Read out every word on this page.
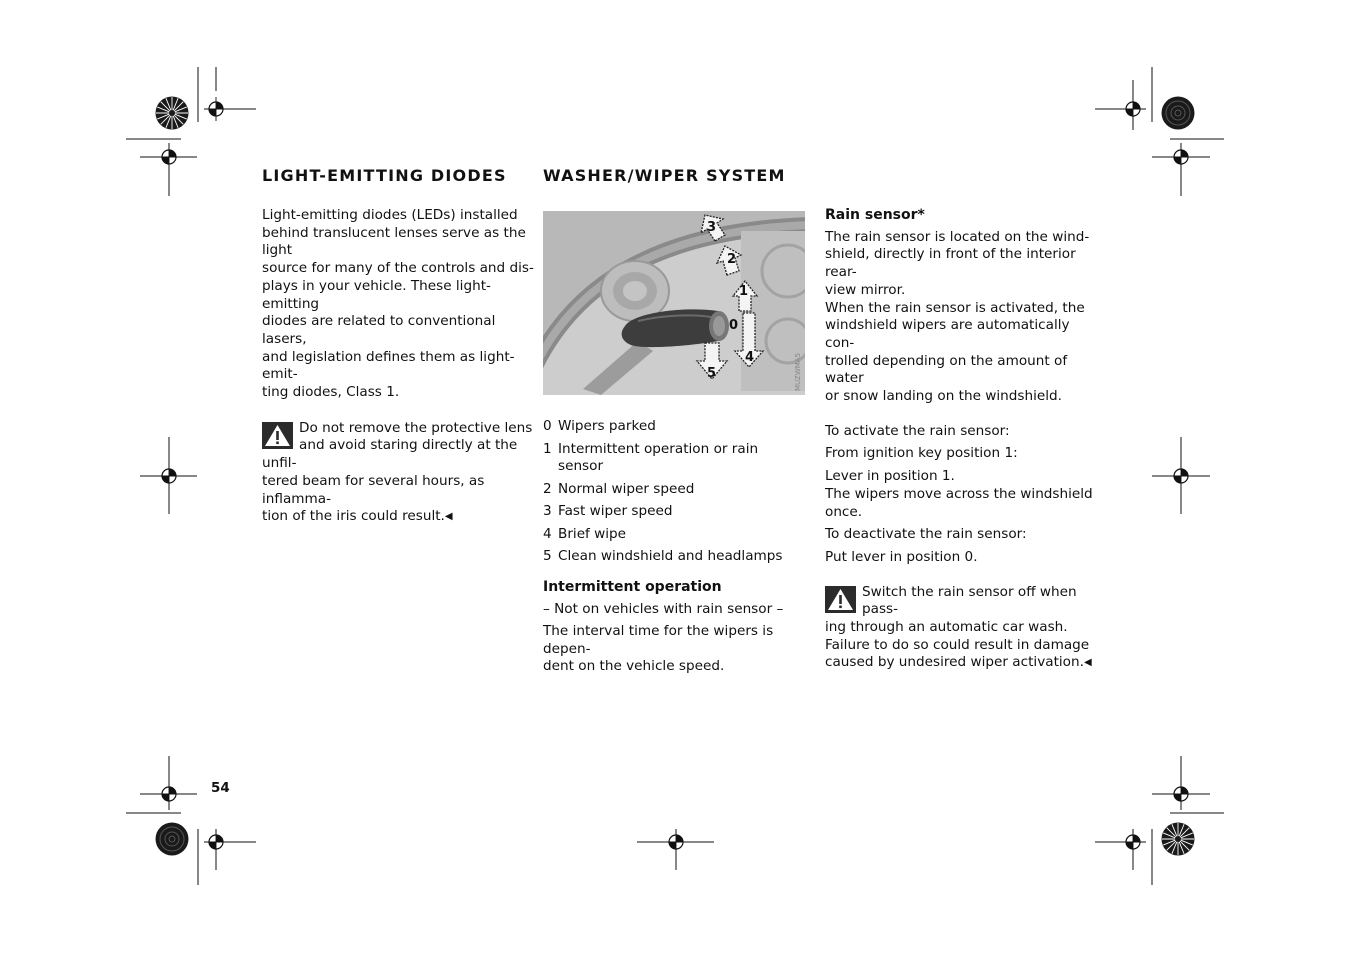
LIGHT-EMITTING DIODES WASHER/WIPER SYSTEM

Light-emitting diodes (LEDs) installed
behind translucent lenses serve as the light
source for many of the controls and dis-
plays in your vehicle. These light-emitting
diodes are related to conventional lasers,
and legislation defines them as light-emit-
ting diodes, Class 1.

Do not remove the protective lens
and avoid staring directly at the unfil-
tered beam for several hours, as inflamma-
tion of the iris could result.◀
0
1
2
3
4
5	MUZWMA5
0 Wipers parked
1 Intermittent operation or rain sensor
2 Normal wiper speed
3 Fast wiper speed
4 Brief wipe
5 Clean windshield and headlamps

Intermittent operation

– Not on vehicles with rain sensor –

The interval time for the wipers is depen-
dent on the vehicle speed.

Rain sensor*

The rain sensor is located on the wind-
shield, directly in front of the interior rear-
view mirror.
When the rain sensor is activated, the
windshield wipers are automatically con-
trolled depending on the amount of water
or snow landing on the windshield.

To activate the rain sensor:

From ignition key position 1:

Lever in position 1.
The wipers move across the windshield
once.

To deactivate the rain sensor:

Put lever in position 0.

Switch the rain sensor off when pass-
ing through an automatic car wash.
Failure to do so could result in damage
caused by undesired wiper activation.◀
54
